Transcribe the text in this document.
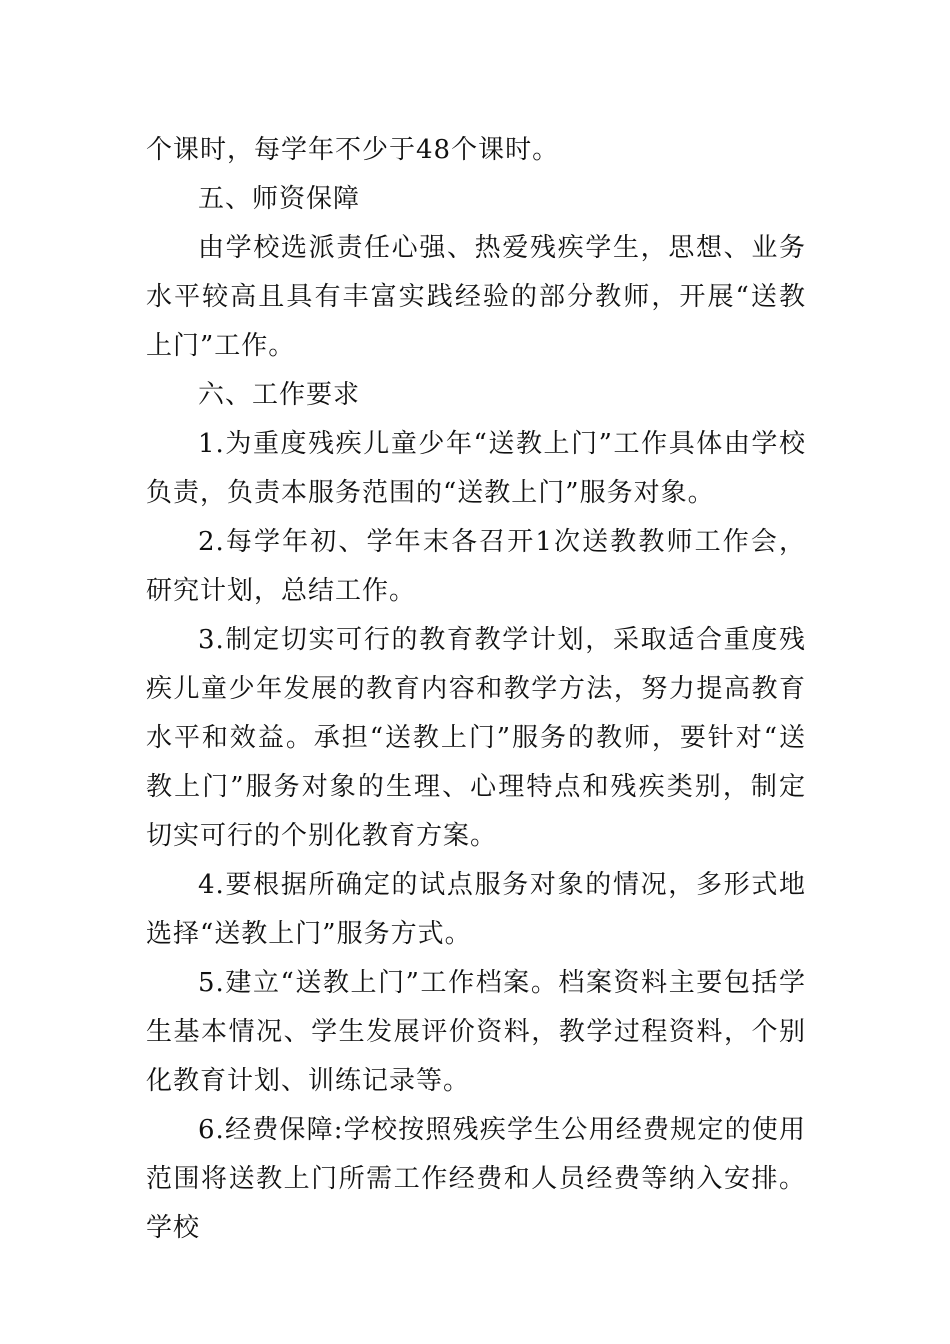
个课时，每学年不少于48个课时。

五、师资保障

由学校选派责任心强、热爱残疾学生，思想、业务水平较高且具有丰富实践经验的部分教师，开展“送教上门”工作。

六、工作要求

1.为重度残疾儿童少年“送教上门”工作具体由学校负责，负责本服务范围的“送教上门”服务对象。

2.每学年初、学年末各召开1次送教教师工作会，研究计划，总结工作。

3.制定切实可行的教育教学计划，采取适合重度残疾儿童少年发展的教育内容和教学方法，努力提高教育水平和效益。承担“送教上门”服务的教师，要针对“送教上门”服务对象的生理、心理特点和残疾类别，制定切实可行的个别化教育方案。

4.要根据所确定的试点服务对象的情况，多形式地选择“送教上门”服务方式。

5.建立“送教上门”工作档案。档案资料主要包括学生基本情况、学生发展评价资料，教学过程资料，个别化教育计划、训练记录等。

6.经费保障:学校按照残疾学生公用经费规定的使用范围将送教上门所需工作经费和人员经费等纳入安排。学校
